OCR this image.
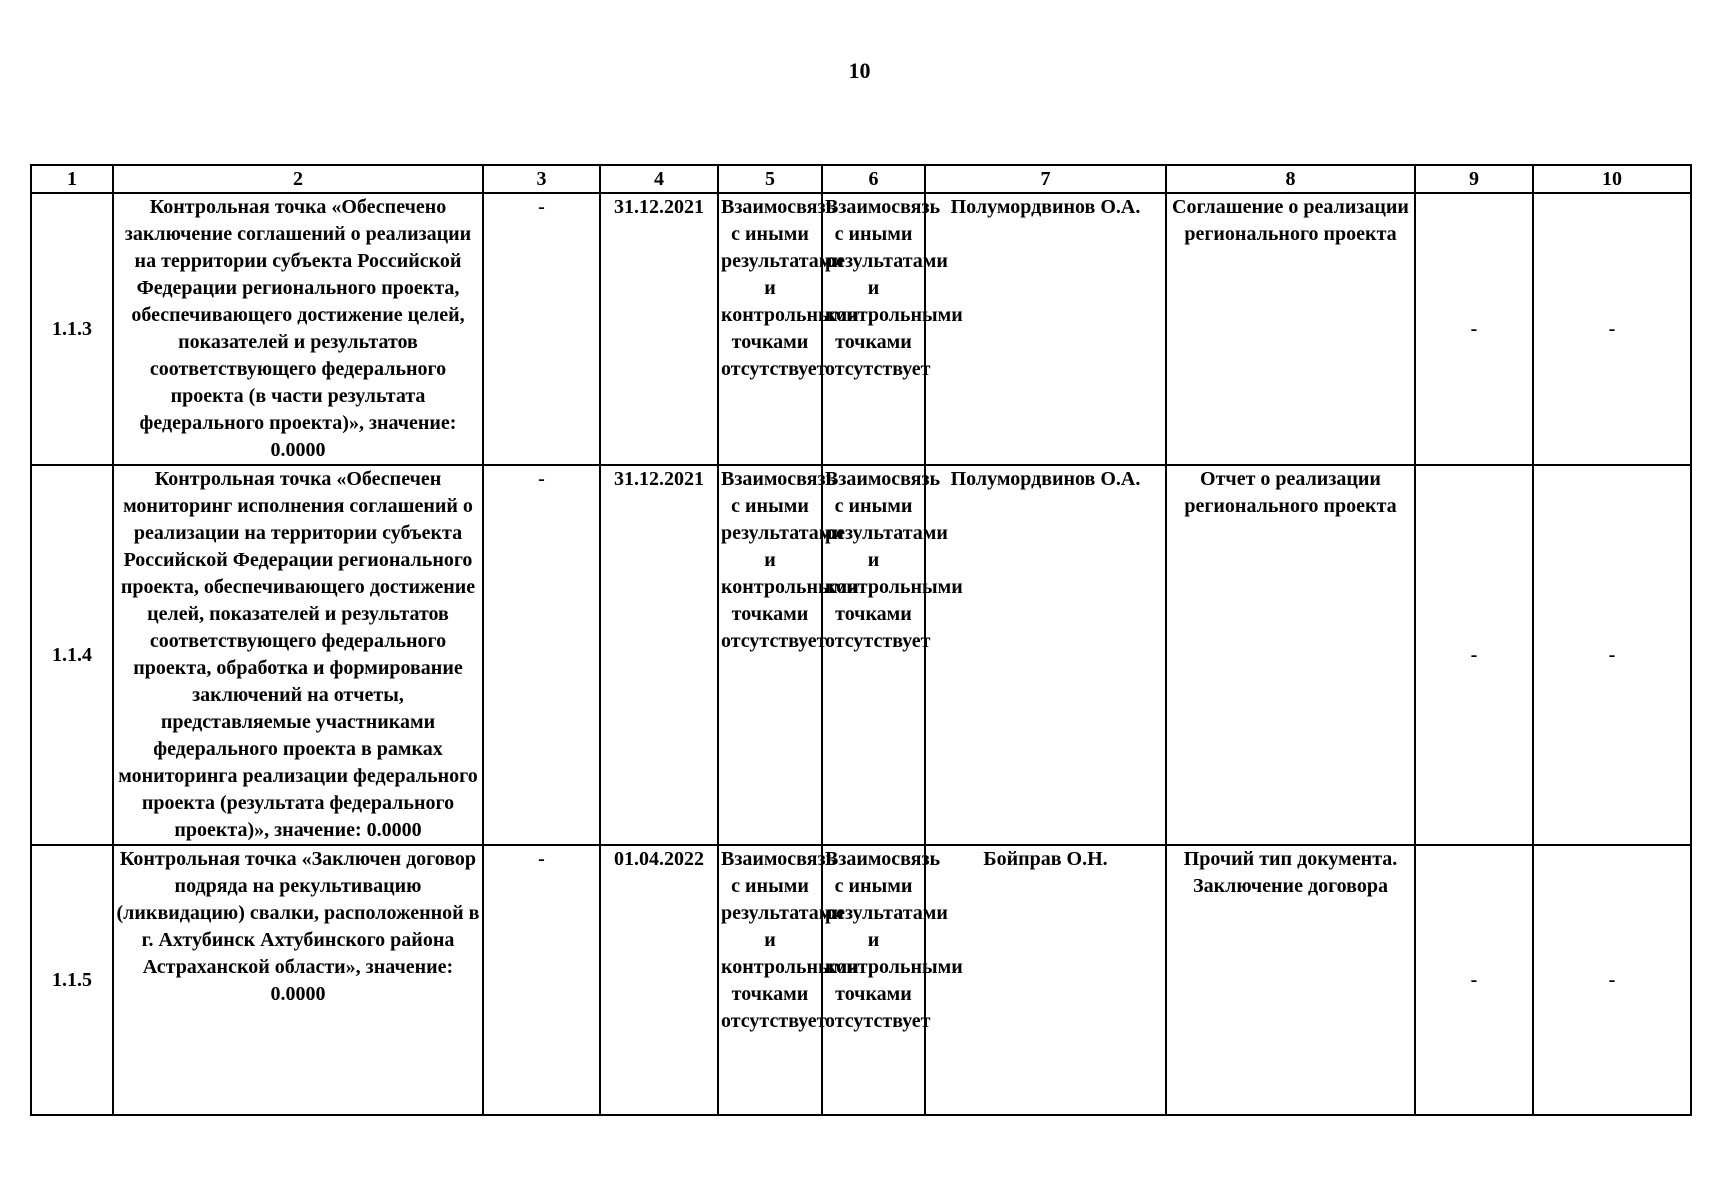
10
1	2	3	4	5	6	7	8	9	10
1.1.3	Контрольная точка «Обеспечено заключение соглашений о реализации на территории субъекта Российской Федерации регионального проекта, обеспечивающего достижение целей, показателей и результатов соответствующего федерального проекта (в части результата федерального проекта)», значение: 0.0000	-	31.12.2021	Взаимосвязь с иными результатами и контрольными точками отсутствует	Взаимосвязь с иными результатами и контрольными точками отсутствует	Полумордвинов О.А.	Соглашение о реализации регионального проекта	-	-
1.1.4	Контрольная точка «Обеспечен мониторинг исполнения соглашений о реализации на территории субъекта Российской Федерации регионального проекта, обеспечивающего достижение целей, показателей и результатов соответствующего федерального проекта, обработка и формирование заключений на отчеты, представляемые участниками федерального проекта в рамках мониторинга реализации федерального проекта (результата федерального проекта)», значение: 0.0000	-	31.12.2021	Взаимосвязь с иными результатами и контрольными точками отсутствует	Взаимосвязь с иными результатами и контрольными точками отсутствует	Полумордвинов О.А.	Отчет о реализации регионального проекта	-	-
1.1.5	Контрольная точка «Заключен договор подряда на рекультивацию (ликвидацию) свалки, расположенной в г. Ахтубинск Ахтубинского района Астраханской области», значение: 0.0000	-	01.04.2022	Взаимосвязь с иными результатами и контрольными точками отсутствует	Взаимосвязь с иными результатами и контрольными точками отсутствует	Бойправ О.Н.	Прочий тип документа. Заключение договора	-	-
